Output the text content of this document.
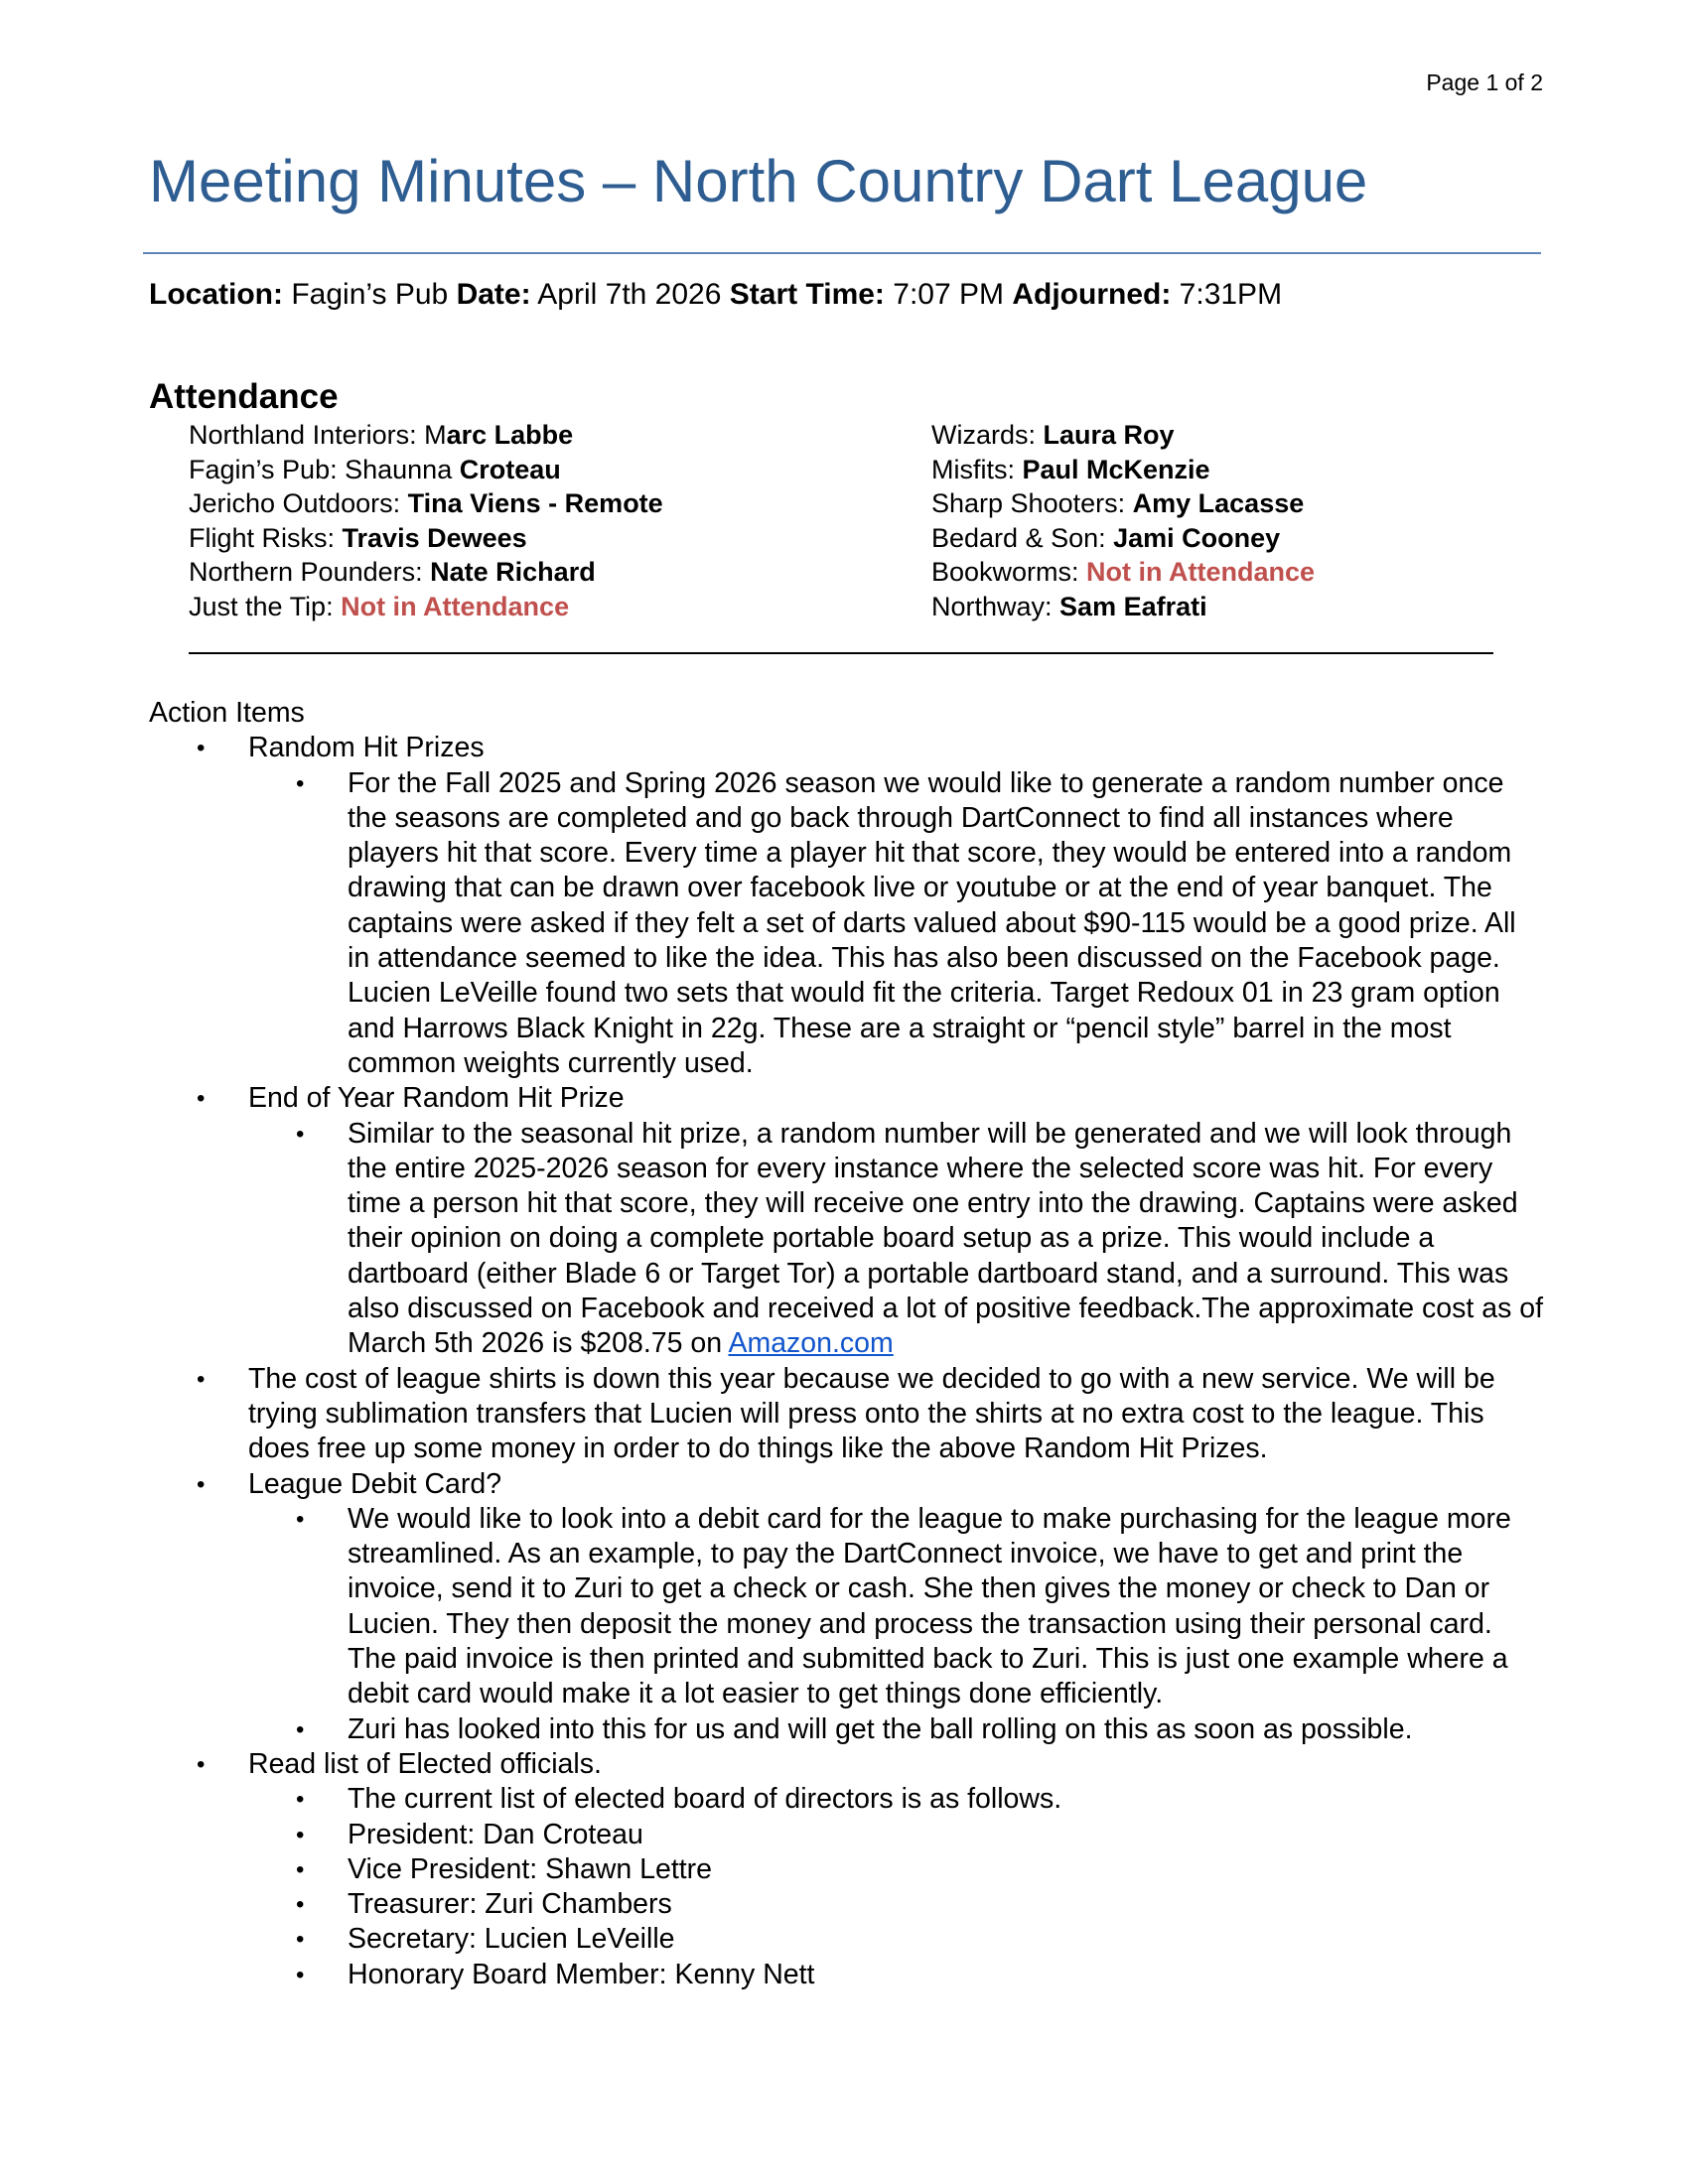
Page 1 of 2
Meeting Minutes – North Country Dart League
Location: Fagin’s Pub Date: April 7th 2026 Start Time: 7:07 PM Adjourned: 7:31PM
Attendance
Northland Interiors: Marc Labbe
Fagin’s Pub: Shaunna Croteau
Jericho Outdoors: Tina Viens - Remote
Flight Risks: Travis Dewees
Northern Pounders: Nate Richard
Just the Tip: Not in Attendance
Wizards: Laura Roy
Misfits: Paul McKenzie
Sharp Shooters: Amy Lacasse
Bedard & Son: Jami Cooney
Bookworms: Not in Attendance
Northway: Sam Eafrati
Action Items
• Random Hit Prizes
• For the Fall 2025 and Spring 2026 season we would like to generate a random number once the seasons are completed and go back through DartConnect to find all instances where players hit that score. Every time a player hit that score, they would be entered into a random drawing that can be drawn over facebook live or youtube or at the end of year banquet. The captains were asked if they felt a set of darts valued about $90-115 would be a good prize. All in attendance seemed to like the idea. This has also been discussed on the Facebook page. Lucien LeVeille found two sets that would fit the criteria. Target Redoux 01 in 23 gram option and Harrows Black Knight in 22g. These are a straight or “pencil style” barrel in the most common weights currently used.
• End of Year Random Hit Prize
• Similar to the seasonal hit prize, a random number will be generated and we will look through the entire 2025-2026 season for every instance where the selected score was hit. For every time a person hit that score, they will receive one entry into the drawing. Captains were asked their opinion on doing a complete portable board setup as a prize. This would include a dartboard (either Blade 6 or Target Tor) a portable dartboard stand, and a surround. This was also discussed on Facebook and received a lot of positive feedback.The approximate cost as of March 5th 2026 is $208.75 on Amazon.com
• The cost of league shirts is down this year because we decided to go with a new service. We will be trying sublimation transfers that Lucien will press onto the shirts at no extra cost to the league. This does free up some money in order to do things like the above Random Hit Prizes.
• League Debit Card?
• We would like to look into a debit card for the league to make purchasing for the league more streamlined. As an example, to pay the DartConnect invoice, we have to get and print the invoice, send it to Zuri to get a check or cash. She then gives the money or check to Dan or Lucien. They then deposit the money and process the transaction using their personal card. The paid invoice is then printed and submitted back to Zuri. This is just one example where a debit card would make it a lot easier to get things done efficiently.
• Zuri has looked into this for us and will get the ball rolling on this as soon as possible.
• Read list of Elected officials.
• The current list of elected board of directors is as follows.
• President: Dan Croteau
• Vice President: Shawn Lettre
• Treasurer: Zuri Chambers
• Secretary: Lucien LeVeille
• Honorary Board Member: Kenny Nett
